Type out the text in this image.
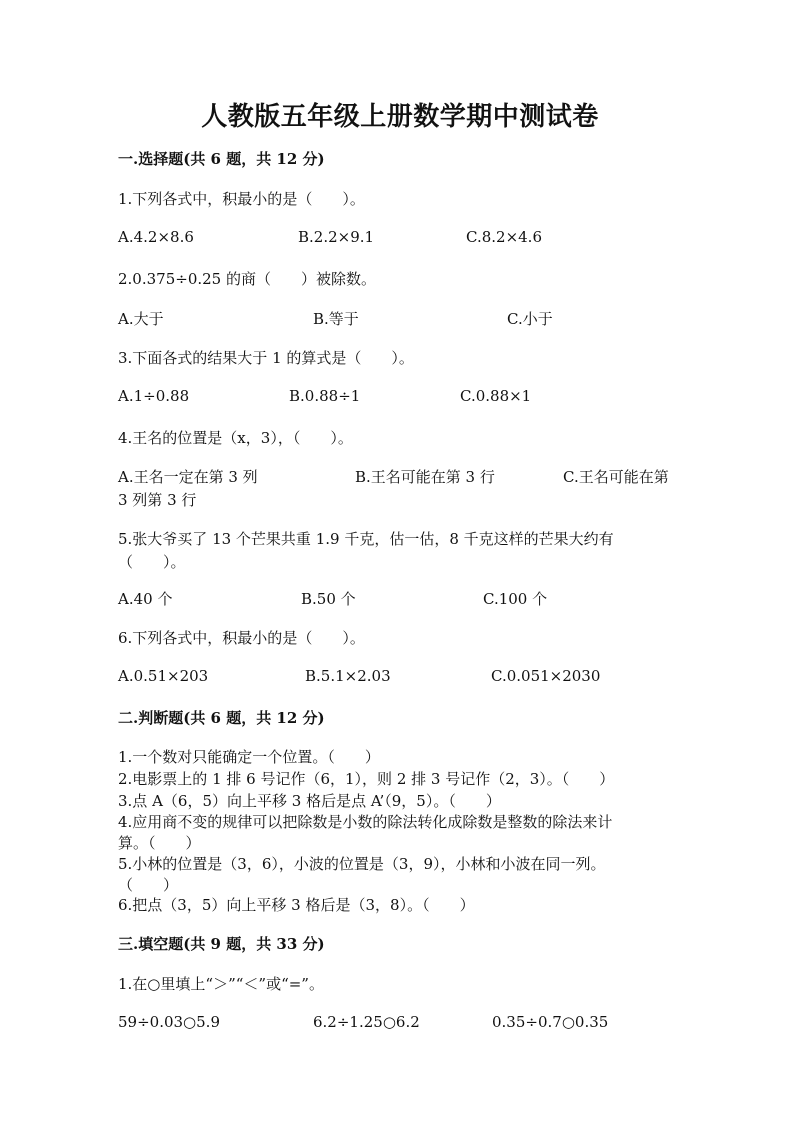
人教版五年级上册数学期中测试卷
一.选择题(共 6 题，共 12 分)
1.下列各式中，积最小的是（　　）。
A.4.2×8.6	B.2.2×9.1	C.8.2×4.6
2.0.375÷0.25 的商（　　）被除数。
A.大于	B.等于	C.小于
3.下面各式的结果大于 1 的算式是（　　）。
A.1÷0.88	B.0.88÷1	C.0.88×1
4.王名的位置是（x，3），（　　）。
A.王名一定在第 3 列	B.王名可能在第 3 行	C.王名可能在第
3 列第 3 行
5.张大爷买了 13 个芒果共重 1.9 千克，估一估，8 千克这样的芒果大约有
（　　）。
A.40 个	B.50 个	C.100 个
6.下列各式中，积最小的是（　　）。
A.0.51×203	B.5.1×2.03	C.0.051×2030
二.判断题(共 6 题，共 12 分)
1.一个数对只能确定一个位置。（　　）
2.电影票上的 1 排 6 号记作（6，1），则 2 排 3 号记作（2，3）。（　　）
3.点 A（6，5）向上平移 3 格后是点 A’（9，5）。（　　）
4.应用商不变的规律可以把除数是小数的除法转化成除数是整数的除法来计
算。（　　）
5.小林的位置是（3，6），小波的位置是（3，9），小林和小波在同一列。
（　　）
6.把点（3，5）向上平移 3 格后是（3，8）。（　　）
三.填空题(共 9 题，共 33 分)
1.在○里填上“＞”“＜”或“=”。
59÷0.03○5.9	6.2÷1.25○6.2	0.35÷0.7○0.35
